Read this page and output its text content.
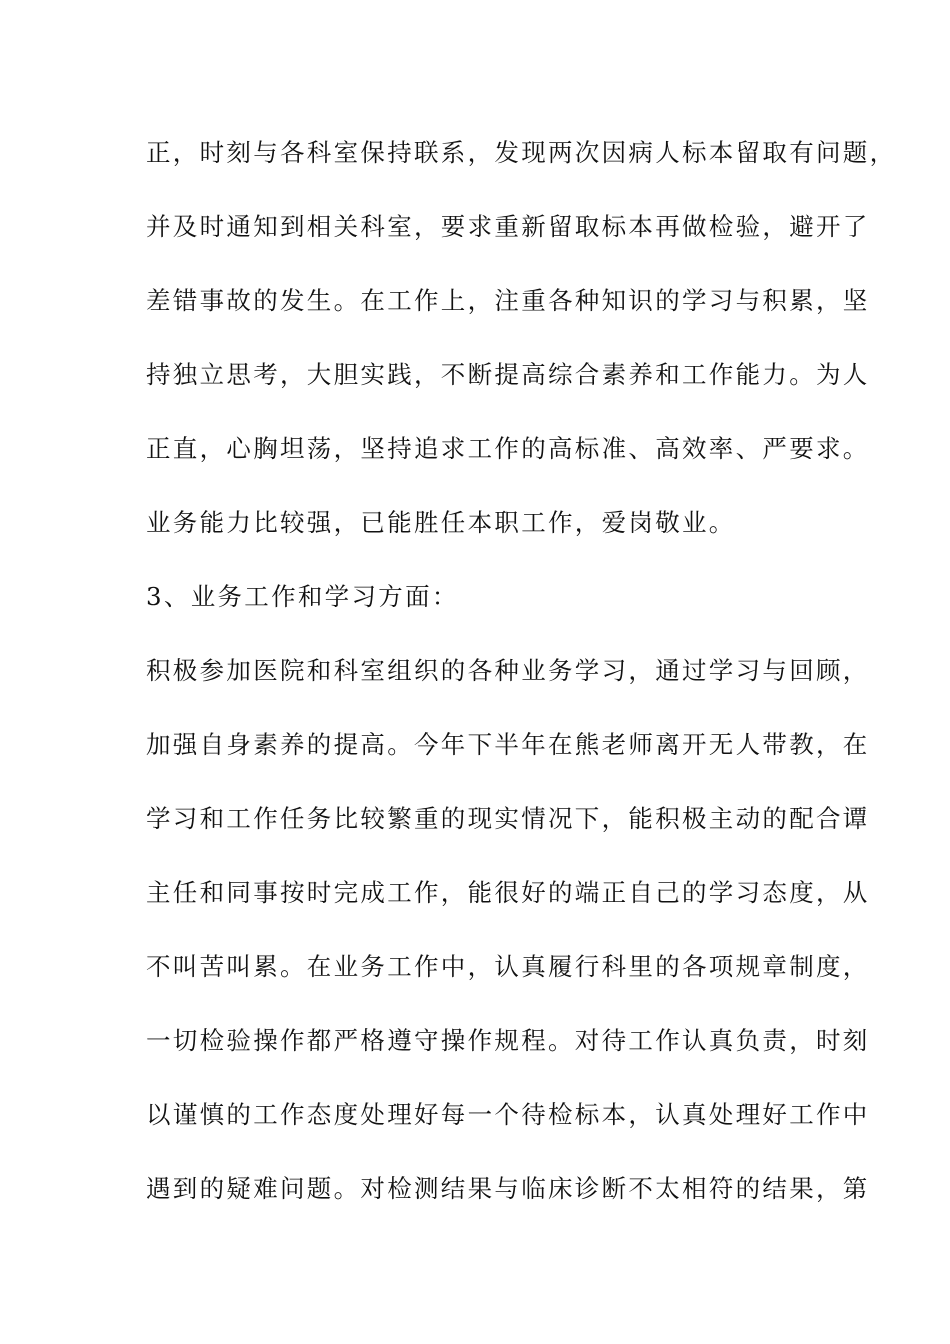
正，时刻与各科室保持联系，发现两次因病人标本留取有问题，

并及时通知到相关科室，要求重新留取标本再做检验，避开了

差错事故的发生。在工作上，注重各种知识的学习与积累，坚

持独立思考，大胆实践，不断提高综合素养和工作能力。为人

正直，心胸坦荡，坚持追求工作的高标准、高效率、严要求。

业务能力比较强，已能胜任本职工作，爱岗敬业。

3、业务工作和学习方面：

积极参加医院和科室组织的各种业务学习，通过学习与回顾，

加强自身素养的提高。今年下半年在熊老师离开无人带教，在

学习和工作任务比较繁重的现实情况下，能积极主动的配合谭

主任和同事按时完成工作，能很好的端正自己的学习态度，从

不叫苦叫累。在业务工作中，认真履行科里的各项规章制度，

一切检验操作都严格遵守操作规程。对待工作认真负责，时刻

以谨慎的工作态度处理好每一个待检标本，认真处理好工作中

遇到的疑难问题。对检测结果与临床诊断不太相符的结果，第
